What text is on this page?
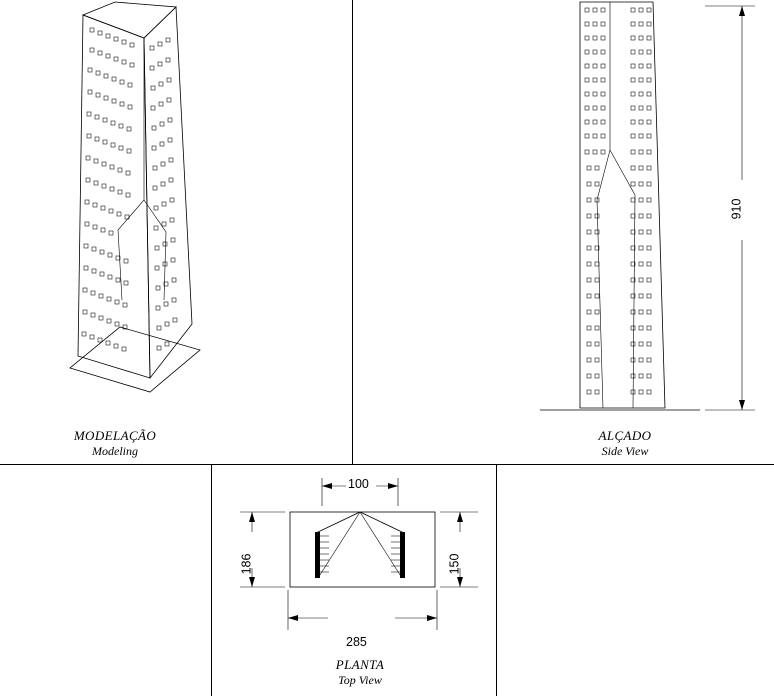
MODELAÇÃO
Modeling
910
ALÇADO
Side View
100
186	150
285
PLANTA
Top View
